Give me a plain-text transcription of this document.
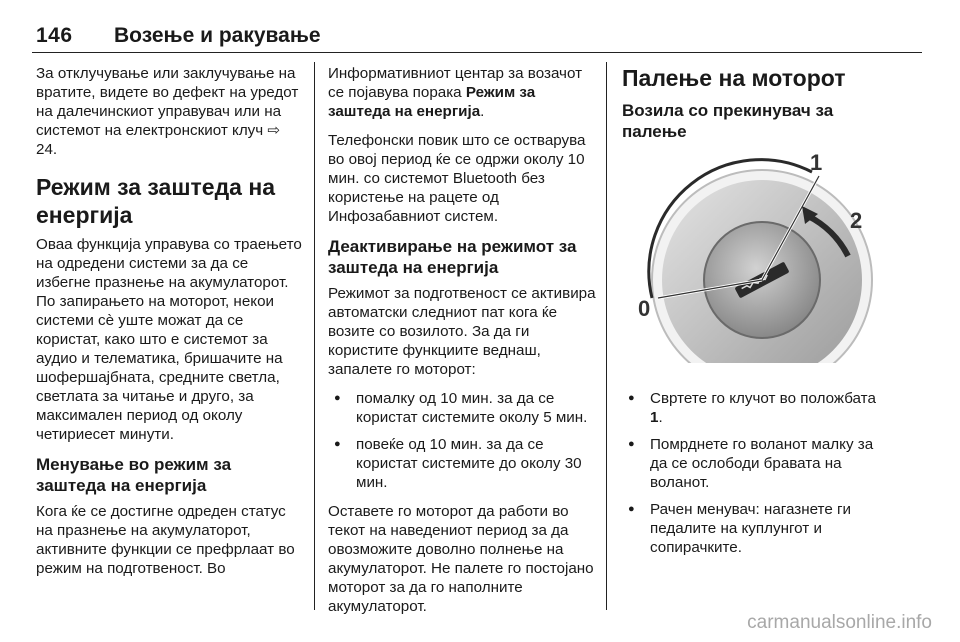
146 Возење и ракување

За отклучување или заклучување на вратите, видете во дефект на уредот на далечинскиот управувач или на системот на електронскиот клуч ⇨ 24.

Режим за заштеда на енергија

Оваа функција управува со траењето на одредени системи за да се избегне празнење на акумулаторот. По запирањето на моторот, некои системи сè уште можат да се користат, како што е системот за аудио и телематика, бришачите на шофершајбната, средните светла, светлата за читање и друго, за максимален период од околу четириесет минути.

Менување во режим за заштеда на енергија

Кога ќе се достигне одреден статус на празнење на акумулаторот, активните функции се префрлаат во режим на подготвеност. Во

Информативниот центар за возачот се појавува порака Режим за заштеда на енергија.

Телефонски повик што се остварува во овој период ќе се одржи околу 10 мин. со системот Bluetooth без користење на рацете од Инфозабавниот систем.

Деактивирање на режимот за заштеда на енергија

Режимот за подготвеност се активира автоматски следниот пат кога ќе возите со возилото. За да ги користите функциите веднаш, запалете го моторот:

● помалку од 10 мин. за да се користат системите околу 5 мин.
● повеќе од 10 мин. за да се користат системите до околу 30 мин.

Оставете го моторот да работи во текот на наведениот период за да овозможите доволно полнење на акумулаторот. Не палете го постојано моторот за да го наполните акумулаторот.

Палење на моторот
Возила со прекинувач за палење
0
1
2
● Свртете го клучот во положбата 1.
● Помрднете го воланот малку за да се ослободи бравата на воланот.
● Рачен менувач: нагазнете ги педалите на куплунгот и сопирачките.
carmanualsonline.info
